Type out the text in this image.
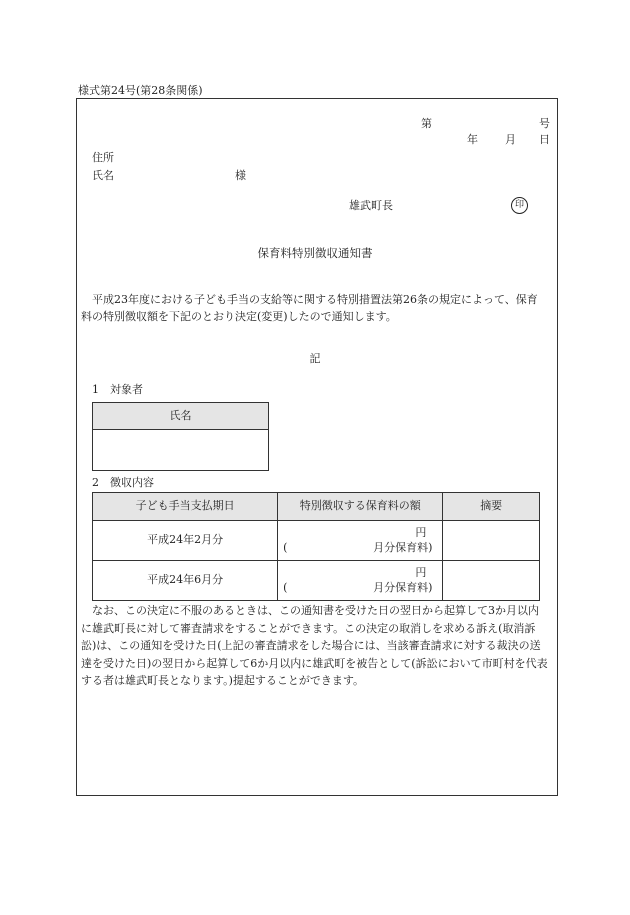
様式第24号(第28条関係)
第	号
年 月 日
住所
氏名	様
雄武町長	印
保育料特別徴収通知書
平成23年度における子ども手当の支給等に関する特別措置法第26条の規定によって、保育料の特別徴収額を下記のとおり決定(変更)したので通知します。
記
1　対象者
氏名

2　徴収内容
子ども手当支払期日	特別徴収する保育料の額	摘要
平成24年2月分	円
( 月分保育料)	

平成24年6月分	円
( 月分保育料)	

なお、この決定に不服のあるときは、この通知書を受けた日の翌日から起算して3か月以内に雄武町長に対して審査請求をすることができます。この決定の取消しを求める訴え(取消訴訟)は、この通知を受けた日(上記の審査請求をした場合には、当該審査請求に対する裁決の送達を受けた日)の翌日から起算して6か月以内に雄武町を被告として(訴訟において市町村を代表する者は雄武町長となります。)提起することができます。
